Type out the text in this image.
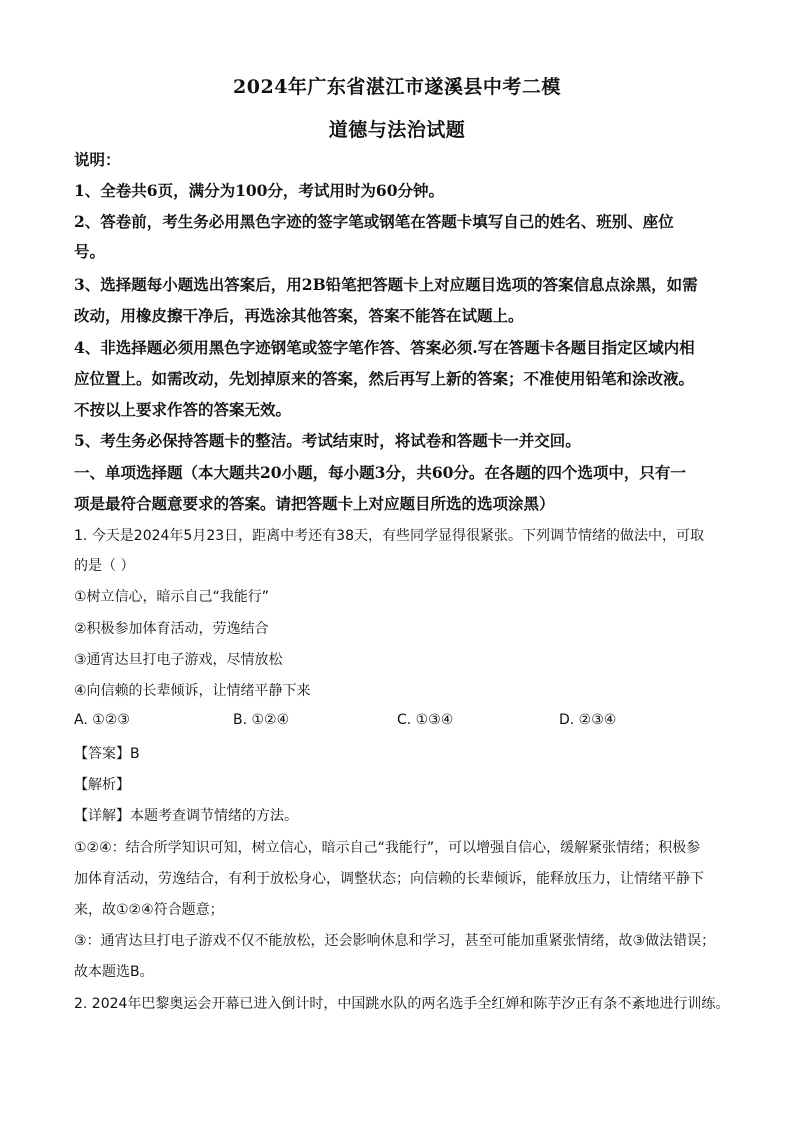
2024年广东省湛江市遂溪县中考二模
道德与法治试题
说明：
1、全卷共6页，满分为100分，考试用时为60分钟。
2、答卷前，考生务必用黑色字迹的签字笔或钢笔在答题卡填写自己的姓名、班别、座位
号。
3、选择题每小题选出答案后，用2B铅笔把答题卡上对应题目选项的答案信息点涂黑，如需
改动，用橡皮擦干净后，再选涂其他答案，答案不能答在试题上。
4、非选择题必须用黑色字迹钢笔或签字笔作答、答案必须.写在答题卡各题目指定区域内相
应位置上。如需改动，先划掉原来的答案，然后再写上新的答案；不准使用铅笔和涂改液。
不按以上要求作答的答案无效。
5、考生务必保持答题卡的整洁。考试结束时，将试卷和答题卡一并交回。
一、单项选择题（本大题共20小题，每小题3分，共60分。在各题的四个选项中，只有一
项是最符合题意要求的答案。请把答题卡上对应题目所选的选项涂黑）
1. 今天是2024年5月23日，距离中考还有38天，有些同学显得很紧张。下列调节情绪的做法中，可取
的是（ ）
①树立信心，暗示自己“我能行”
②积极参加体育活动，劳逸结合
③通宵达旦打电子游戏，尽情放松
④向信赖的长辈倾诉，让情绪平静下来
A. ①②③	B. ①②④	C. ①③④	D. ②③④
【答案】B
【解析】
【详解】本题考查调节情绪的方法。
①②④：结合所学知识可知，树立信心，暗示自己“我能行”，可以增强自信心，缓解紧张情绪；积极参
加体育活动，劳逸结合，有利于放松身心，调整状态；向信赖的长辈倾诉，能释放压力，让情绪平静下
来，故①②④符合题意；
③：通宵达旦打电子游戏不仅不能放松，还会影响休息和学习，甚至可能加重紧张情绪，故③做法错误；
故本题选B。
2. 2024年巴黎奥运会开幕已进入倒计时，中国跳水队的两名选手全红婵和陈芋汐正有条不紊地进行训练。
